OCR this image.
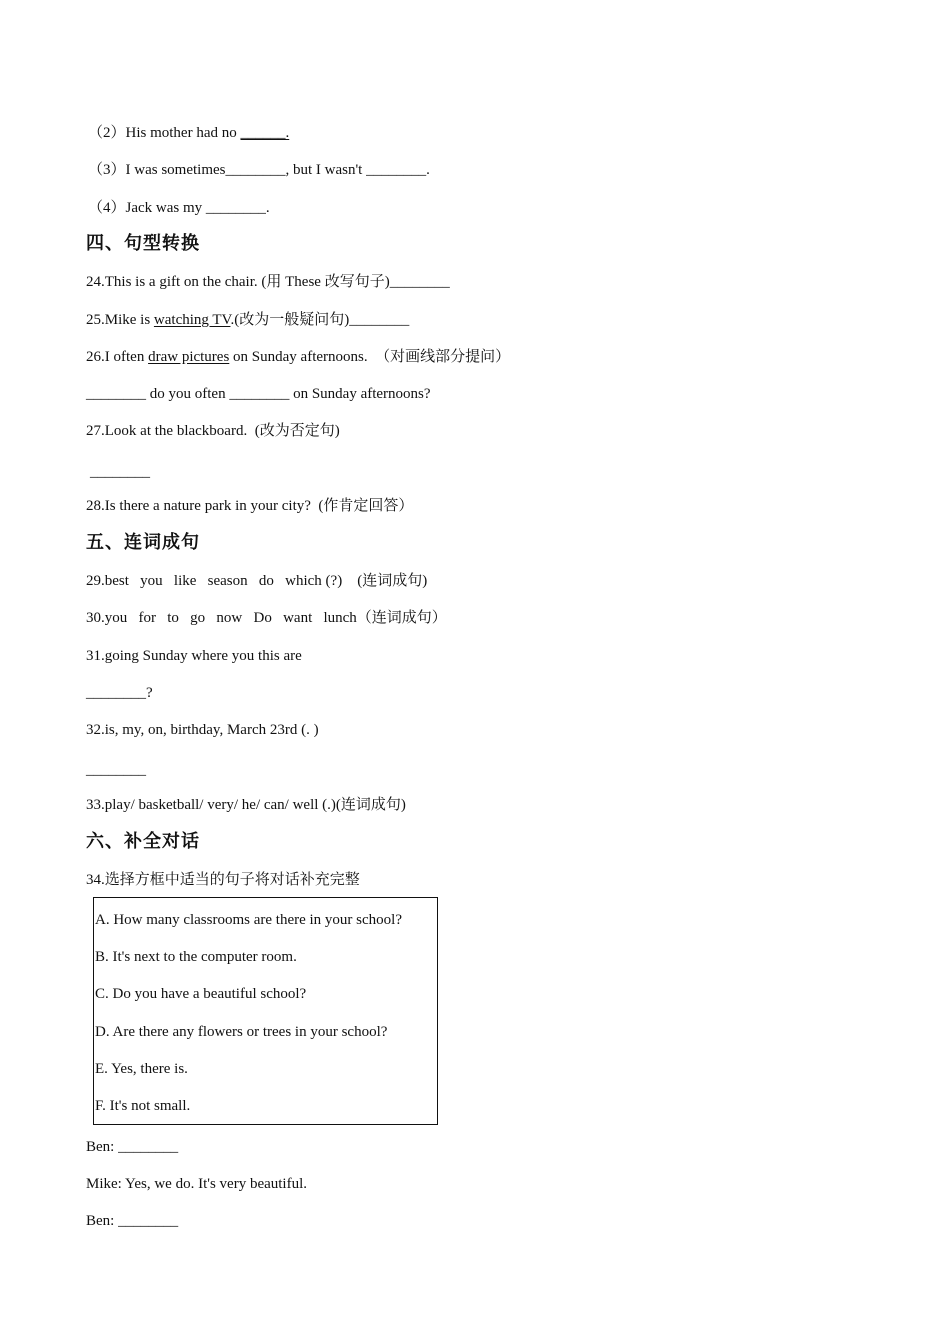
（2）His mother had no ______.
（3）I was sometimes________, but I wasn't ________.
（4）Jack was my ________.
四、句型转换
24.This is a gift on the chair. (用 These 改写句子)________
25.Mike is watching TV.(改为一般疑问句)________
26.I often draw pictures on Sunday afternoons.  （对画线部分提问）
________ do you often ________ on Sunday afternoons?
27.Look at the blackboard.  (改为否定句)
________
28.Is there a nature park in your city?  (作肯定回答）
五、连词成句
29.best   you   like   season   do   which (?)    (连词成句)
30.you   for   to   go   now   Do   want   lunch（连词成句）
31.going Sunday where you this are
________?
32.is, my, on, birthday, March 23rd (. )
________
33.play/ basketball/ very/ he/ can/ well (.)(连词成句)
六、补全对话
34.选择方框中适当的句子将对话补充完整
A. How many classrooms are there in your school?
B. It's next to the computer room.
C. Do you have a beautiful school?
D. Are there any flowers or trees in your school?
E. Yes, there is.
F. It's not small.
Ben: ________
Mike: Yes, we do. It's very beautiful.
Ben: ________
